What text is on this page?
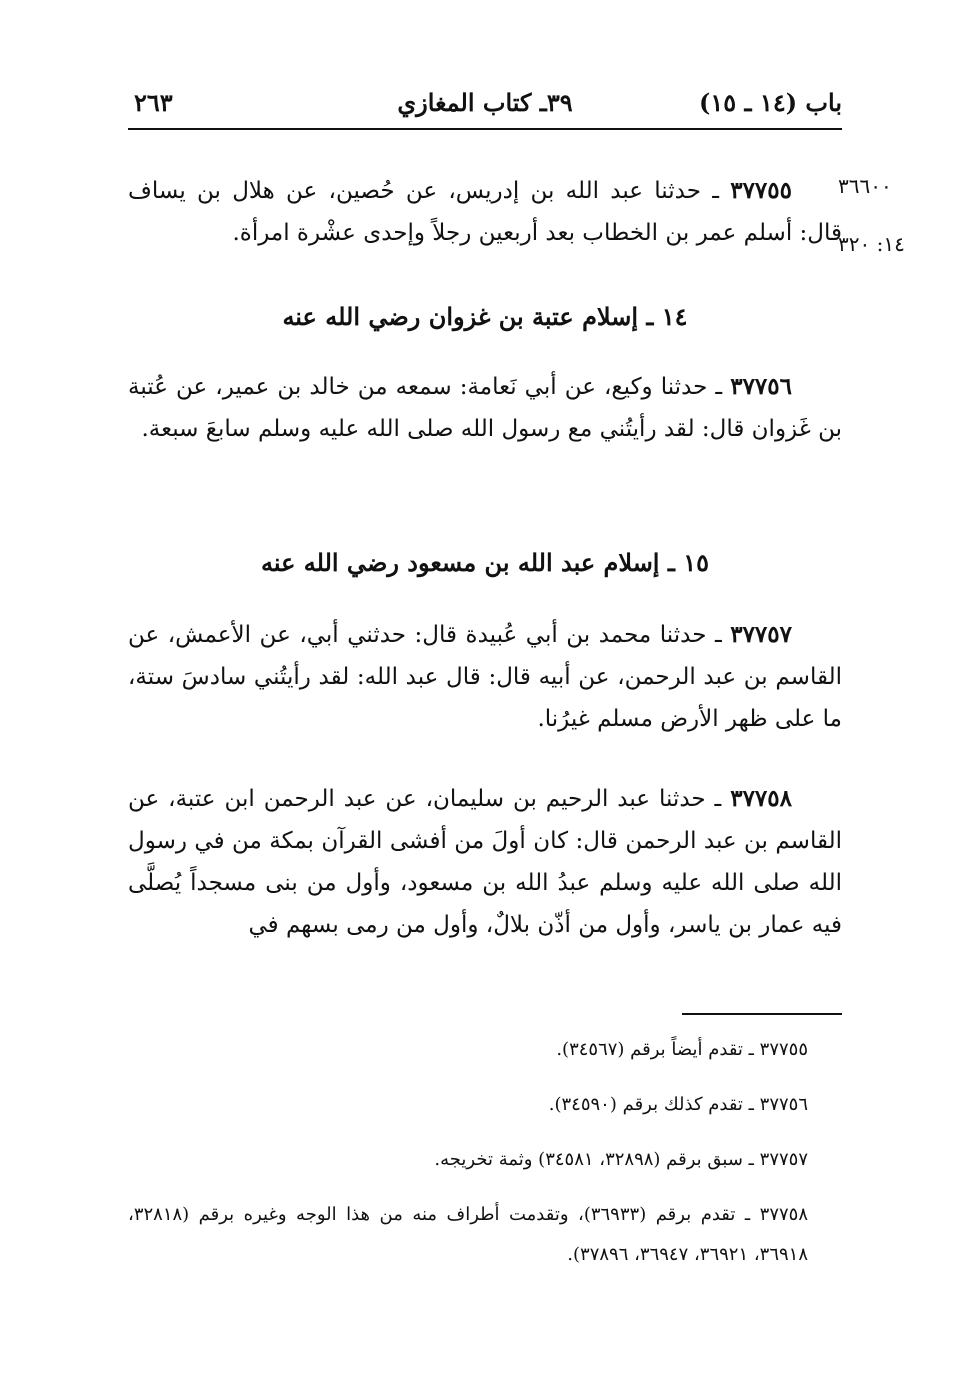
باب (١٤ ـ ١٥)
٣٩ـ كتاب المغازي
٢٦٣
٣٦٦٠٠
١٤: ٣٢٠

٣٧٧٥٥ ـ حدثنا عبد الله بن إدريس، عن حُصين، عن هلال بن يساف قال: أسلم عمر بن الخطاب بعد أربعين رجلاً وإحدى عشْرة امرأة.

١٤ ـ إسلام عتبة بن غزوان رضي الله عنه

٣٧٧٥٦ ـ حدثنا وكيع، عن أبي نَعامة: سمعه من خالد بن عمير، عن عُتبة بن غَزوان قال: لقد رأيتُني مع رسول الله صلى الله عليه وسلم سابعَ سبعة.

١٥ ـ إسلام عبد الله بن مسعود رضي الله عنه

٣٧٧٥٧ ـ حدثنا محمد بن أبي عُبيدة قال: حدثني أبي، عن الأعمش، عن القاسم بن عبد الرحمن، عن أبيه قال: قال عبد الله: لقد رأيتُني سادسَ ستة، ما على ظهر الأرض مسلم غيرُنا.

٣٧٧٥٨ ـ حدثنا عبد الرحيم بن سليمان، عن عبد الرحمن ابن عتبة، عن القاسم بن عبد الرحمن قال: كان أولَ من أفشى القرآن بمكة من في رسول الله صلى الله عليه وسلم عبدُ الله بن مسعود، وأول من بنى مسجداً يُصلَّى فيه عمار بن ياسر، وأول من أذّن بلالٌ، وأول من رمى بسهم في

٣٧٧٥٥ ـ تقدم أيضاً برقم (٣٤٥٦٧).

٣٧٧٥٦ ـ تقدم كذلك برقم (٣٤٥٩٠).

٣٧٧٥٧ ـ سبق برقم (٣٢٨٩٨، ٣٤٥٨١) وثمة تخريجه.

٣٧٧٥٨ ـ تقدم برقم (٣٦٩٣٣)، وتقدمت أطراف منه من هذا الوجه وغيره برقم (٣٢٨١٨، ٣٦٩١٨، ٣٦٩٢١، ٣٦٩٤٧، ٣٧٨٩٦).
